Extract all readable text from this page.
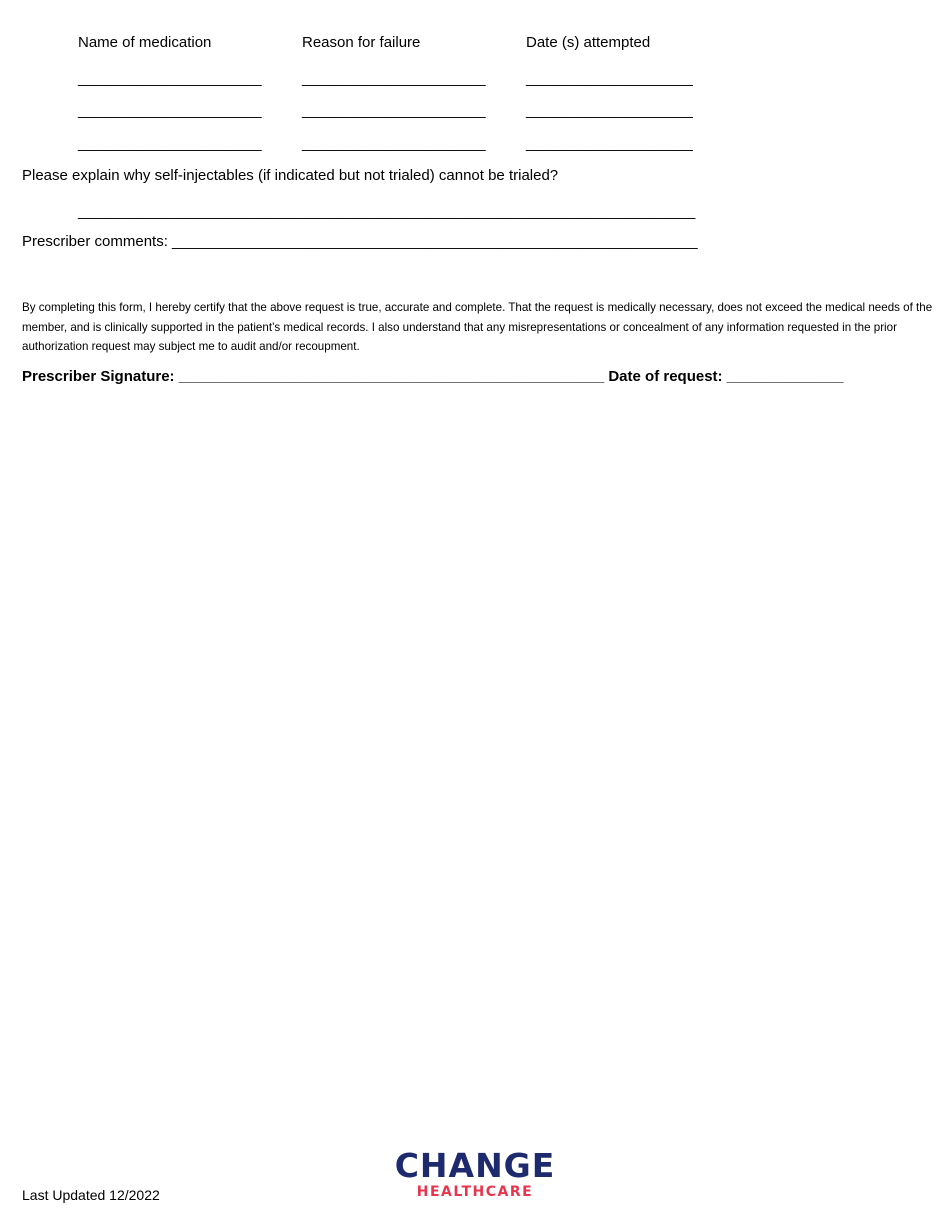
Name of medication	Reason for failure	Date (s) attempted
______________________	______________________	____________________
______________________	______________________	____________________
______________________	______________________	____________________
Please explain why self-injectables (if indicated but not trialed) cannot be trialed?
__________________________________________________________________________
Prescriber comments: _______________________________________________________________
By completing this form, I hereby certify that the above request is true, accurate and complete. That the request is medically necessary, does not exceed the medical needs of the member, and is clinically supported in the patient’s medical records. I also understand that any misrepresentations or concealment of any information requested in the prior authorization request may subject me to audit and/or recoupment.
Prescriber Signature: ___________________________________________________ Date of request: ______________
CHANGE
HEALTHCARE
Last Updated 12/2022
